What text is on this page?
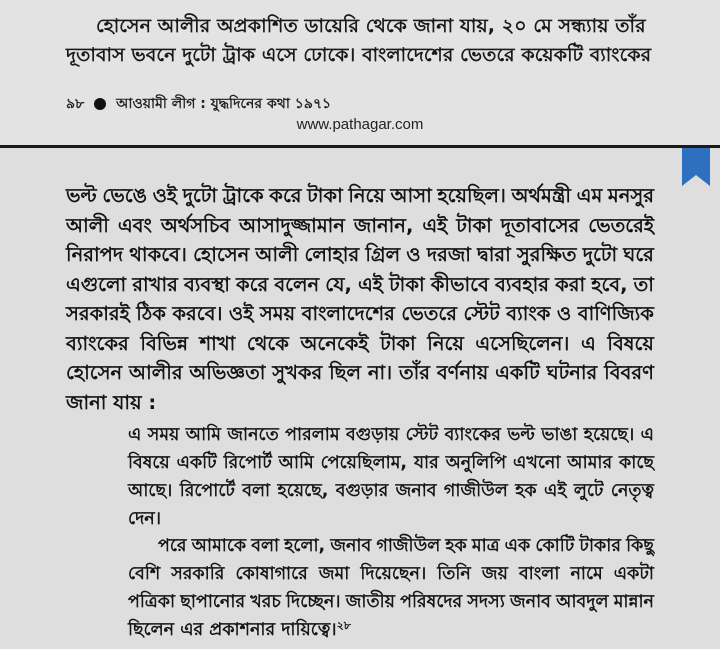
হোসেন আলীর অপ্রকাশিত ডায়েরি থেকে জানা যায়, ২০ মে সন্ধ্যায় তাঁর
দূতাবাস ভবনে দুটো ট্রাক এসে ঢোকে। বাংলাদেশের ভেতরে কয়েকটি ব্যাংকের
৯৮ আওয়ামী লীগ : যুদ্ধদিনের কথা ১৯৭১
www.pathagar.com
ভল্ট ভেঙে ওই দুটো ট্রাকে করে টাকা নিয়ে আসা হয়েছিল। অর্থমন্ত্রী এম মনসুর
আলী এবং অর্থসচিব আসাদুজ্জামান জানান, এই টাকা দূতাবাসের ভেতরেই
নিরাপদ থাকবে। হোসেন আলী লোহার গ্রিল ও দরজা দ্বারা সুরক্ষিত দুটো ঘরে
এগুলো রাখার ব্যবস্থা করে বলেন যে, এই টাকা কীভাবে ব্যবহার করা হবে, তা
সরকারই ঠিক করবে। ওই সময় বাংলাদেশের ভেতরে স্টেট ব্যাংক ও বাণিজ্যিক
ব্যাংকের বিভিন্ন শাখা থেকে অনেকেই টাকা নিয়ে এসেছিলেন। এ বিষয়ে
হোসেন আলীর অভিজ্ঞতা সুখকর ছিল না। তাঁর বর্ণনায় একটি ঘটনার বিবরণ
জানা যায় :
এ সময় আমি জানতে পারলাম বগুড়ায় স্টেট ব্যাংকের ভল্ট ভাঙা হয়েছে। এ
বিষয়ে একটি রিপোর্ট আমি পেয়েছিলাম, যার অনুলিপি এখনো আমার কাছে
আছে। রিপোর্টে বলা হয়েছে, বগুড়ার জনাব গাজীউল হক এই লুটে নেতৃত্ব
দেন।
পরে আমাকে বলা হলো, জনাব গাজীউল হক মাত্র এক কোটি টাকার কিছু
বেশি সরকারি কোষাগারে জমা দিয়েছেন। তিনি জয় বাংলা নামে একটা
পত্রিকা ছাপানোর খরচ দিচ্ছেন। জাতীয় পরিষদের সদস্য জনাব আবদুল মান্নান
ছিলেন এর প্রকাশনার দায়িত্বে। ২৮
